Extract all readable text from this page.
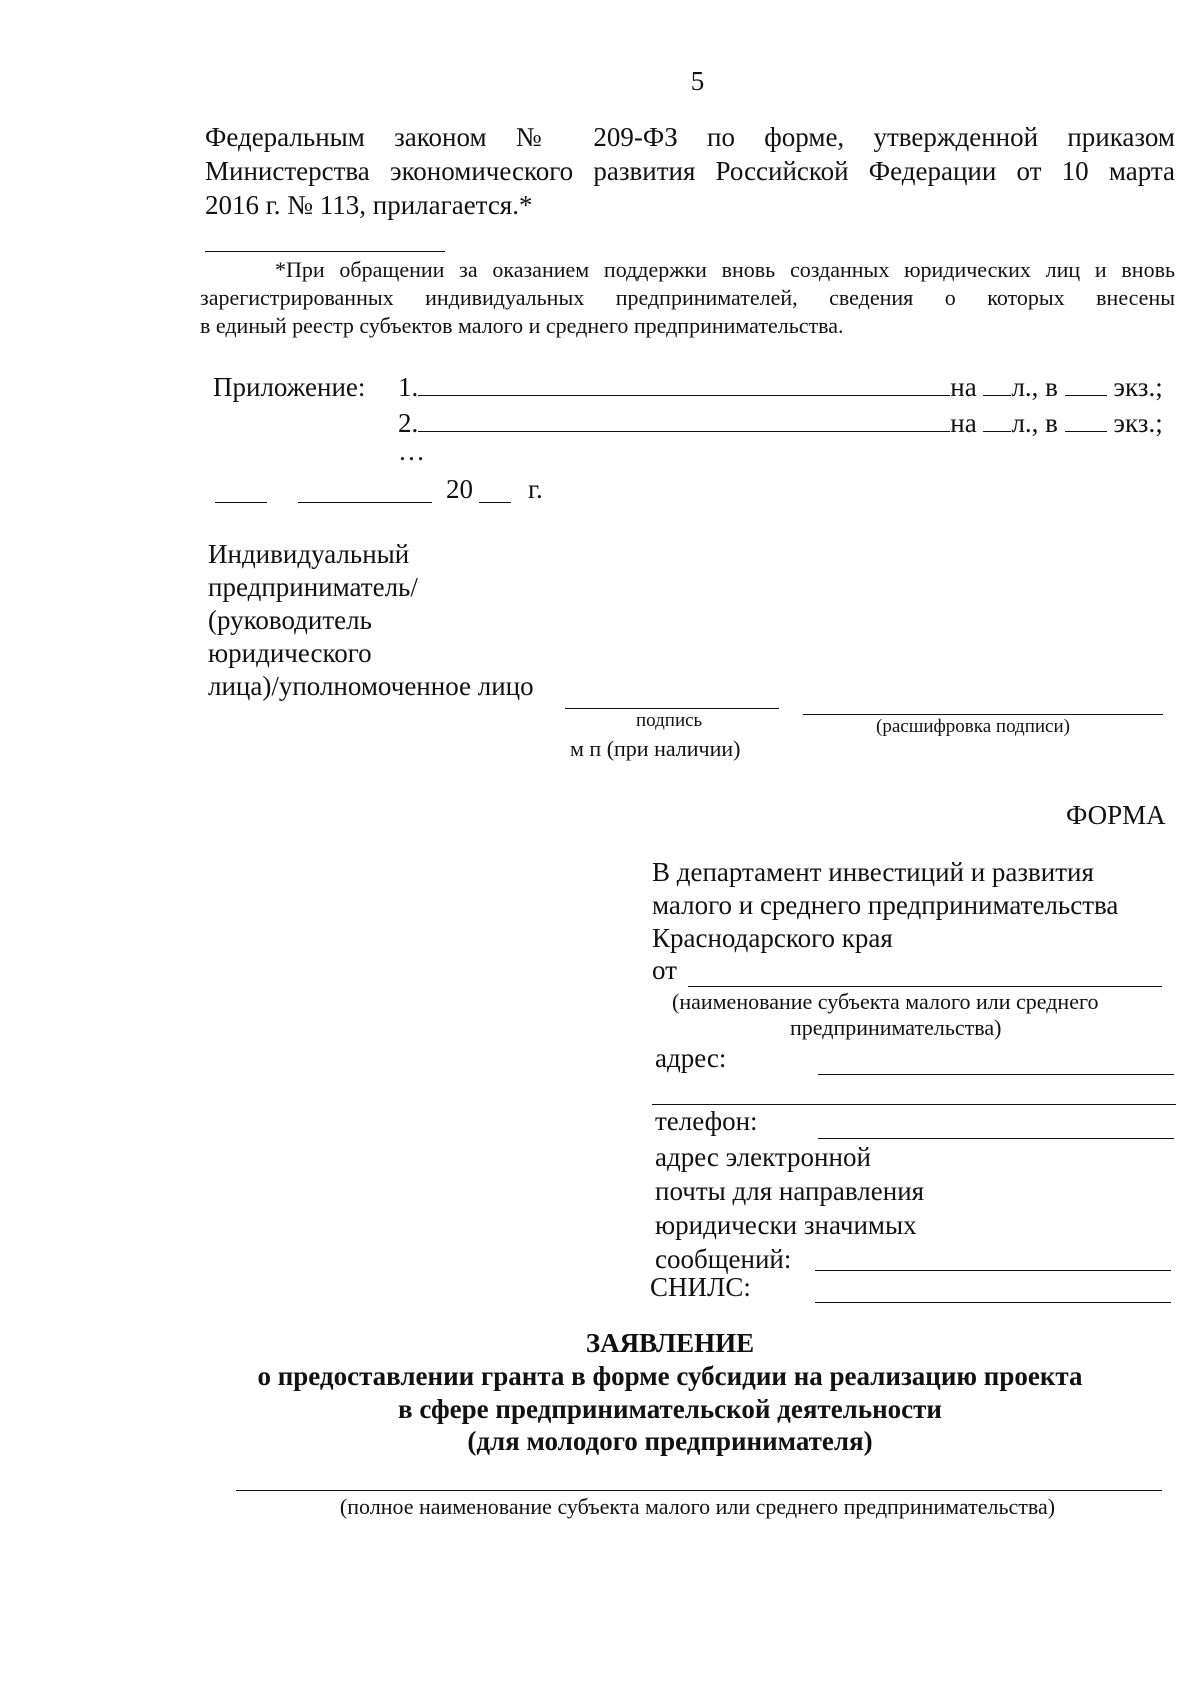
5
Федеральным законом № 209-ФЗ по форме, утвержденной приказом
Министерства экономического развития Российской Федерации от 10 марта
2016 г. № 113, прилагается.*
*При обращении за оказанием поддержки вновь созданных юридических лиц и вновь
зарегистрированных индивидуальных предпринимателей, сведения о которых внесены
в единый реестр субъектов малого и среднего предпринимательства.
Приложение: 1.	на л., в экз.;
2.	на л., в экз.;
…
20 г.
Индивидуальный
предприниматель/
(руководитель
юридического
лица)/уполномоченное лицо
подпись	(расшифровка подписи)
м п (при наличии)
ФОРМА
В департамент инвестиций и развития
малого и среднего предпринимательства
Краснодарского края
от
(наименование субъекта малого или среднего
предпринимательства)
адрес:
телефон:
адрес электронной
почты для направления
юридически значимых
сообщений:
СНИЛС:
ЗАЯВЛЕНИЕ
о предоставлении гранта в форме субсидии на реализацию проекта
в сфере предпринимательской деятельности
(для молодого предпринимателя)
(полное наименование субъекта малого или среднего предпринимательства)
